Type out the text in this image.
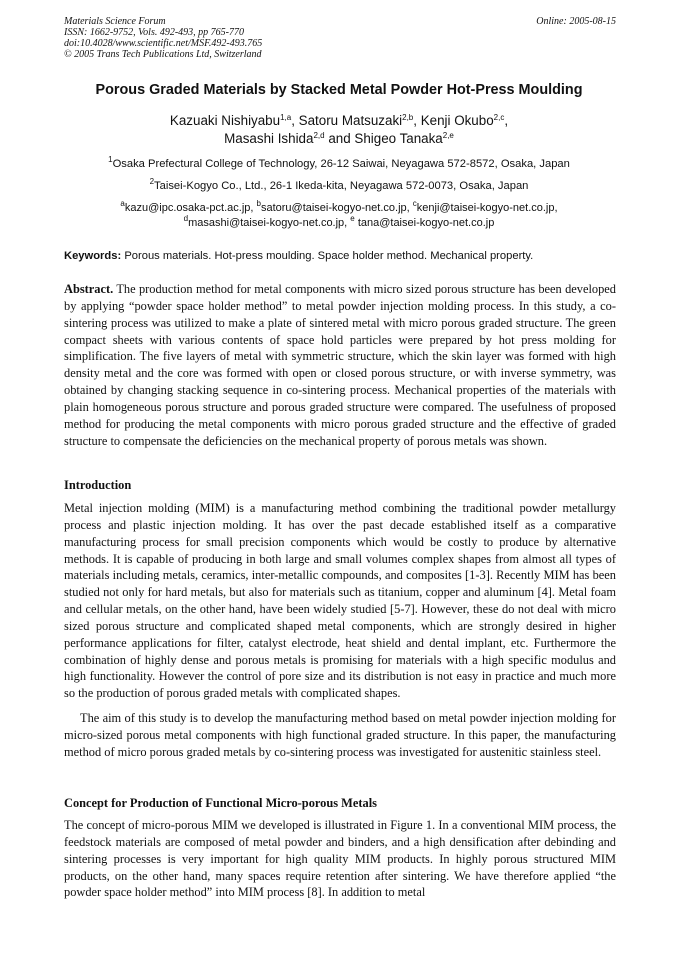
Materials Science Forum
ISSN: 1662-9752, Vols. 492-493, pp 765-770
doi:10.4028/www.scientific.net/MSF.492-493.765
© 2005 Trans Tech Publications Ltd, Switzerland
Online: 2005-08-15
Porous Graded Materials by Stacked Metal Powder Hot-Press Moulding
Kazuaki Nishiyabu$^{1,a}$, Satoru Matsuzaki$^{2,b}$, Kenji Okubo$^{2,c}$,
Masashi Ishida$^{2,d}$ and Shigeo Tanaka$^{2,e}$
$^1$Osaka Prefectural College of Technology, 26-12 Saiwai, Neyagawa 572-8572, Osaka, Japan
$^2$Taisei-Kogyo Co., Ltd., 26-1 Ikeda-kita, Neyagawa 572-0073, Osaka, Japan
$^a$kazu@ipc.osaka-pct.ac.jp, $^b$satoru@taisei-kogyo-net.co.jp, $^c$kenji@taisei-kogyo-net.co.jp,
$^d$masashi@taisei-kogyo-net.co.jp, $^e$ tana@taisei-kogyo-net.co.jp
Keywords: Porous materials. Hot-press moulding. Space holder method. Mechanical property.

Abstract. The production method for metal components with micro sized porous structure has been developed by applying “powder space holder method” to metal powder injection molding process. In this study, a co-sintering process was utilized to make a plate of sintered metal with micro porous graded structure. The green compact sheets with various contents of space hold particles were prepared by hot press molding for simplification. The five layers of metal with symmetric structure, which the skin layer was formed with high density metal and the core was formed with open or closed porous structure, or with inverse symmetry, was obtained by changing stacking sequence in co-sintering process. Mechanical properties of the materials with plain homogeneous porous structure and porous graded structure were compared. The usefulness of proposed method for producing the metal components with micro porous graded structure and the effective of graded structure to compensate the deficiencies on the mechanical property of porous metals was shown.

Introduction

Metal injection molding (MIM) is a manufacturing method combining the traditional powder metallurgy process and plastic injection molding. It has over the past decade established itself as a comparative manufacturing process for small precision components which would be costly to produce by alternative methods. It is capable of producing in both large and small volumes complex shapes from almost all types of materials including metals, ceramics, inter-metallic compounds, and composites [1-3]. Recently MIM has been studied not only for hard metals, but also for materials such as titanium, copper and aluminum [4]. Metal foam and cellular metals, on the other hand, have been widely studied [5-7]. However, these do not deal with micro sized porous structure and complicated shaped metal components, which are strongly desired in higher performance applications for filter, catalyst electrode, heat shield and dental implant, etc. Furthermore the combination of highly dense and porous metals is promising for materials with a high specific modulus and high functionality. However the control of pore size and its distribution is not easy in practice and much more so the production of porous graded metals with complicated shapes.

The aim of this study is to develop the manufacturing method based on metal powder injection molding for micro-sized porous metal components with high functional graded structure. In this paper, the manufacturing method of micro porous graded metals by co-sintering process was investigated for austenitic stainless steel.

Concept for Production of Functional Micro-porous Metals

The concept of micro-porous MIM we developed is illustrated in Figure 1. In a conventional MIM process, the feedstock materials are composed of metal powder and binders, and a high densification after debinding and sintering processes is very important for high quality MIM products. In highly porous structured MIM products, on the other hand, many spaces require retention after sintering. We have therefore applied “the powder space holder method” into MIM process [8]. In addition to metal
